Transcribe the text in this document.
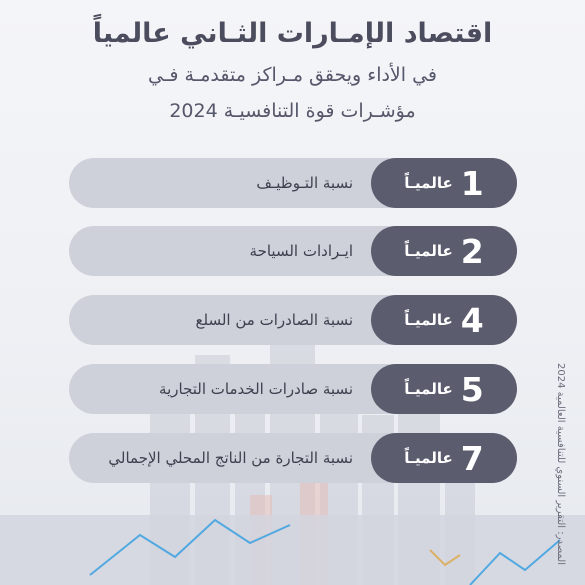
اقتصاد الإمـارات الثـاني عالمياً
في الأداء ويحقق مـراكز متقدمـة فـي
مؤشـرات قوة التنافسيـة 2024
عالميـاً 1
نسبة التـوظيـف
عالميـاً 2
ايـرادات السياحة
عالميـاً 4
نسبة الصادرات من السلع
عالميـاً 5
نسبة صادرات الخدمات التجارية
عالميـاً 7
نسبة التجارة من الناتج المحلي الإجمالي
المصدر: التقرير السنوي للتنافسية العالمية 2024
